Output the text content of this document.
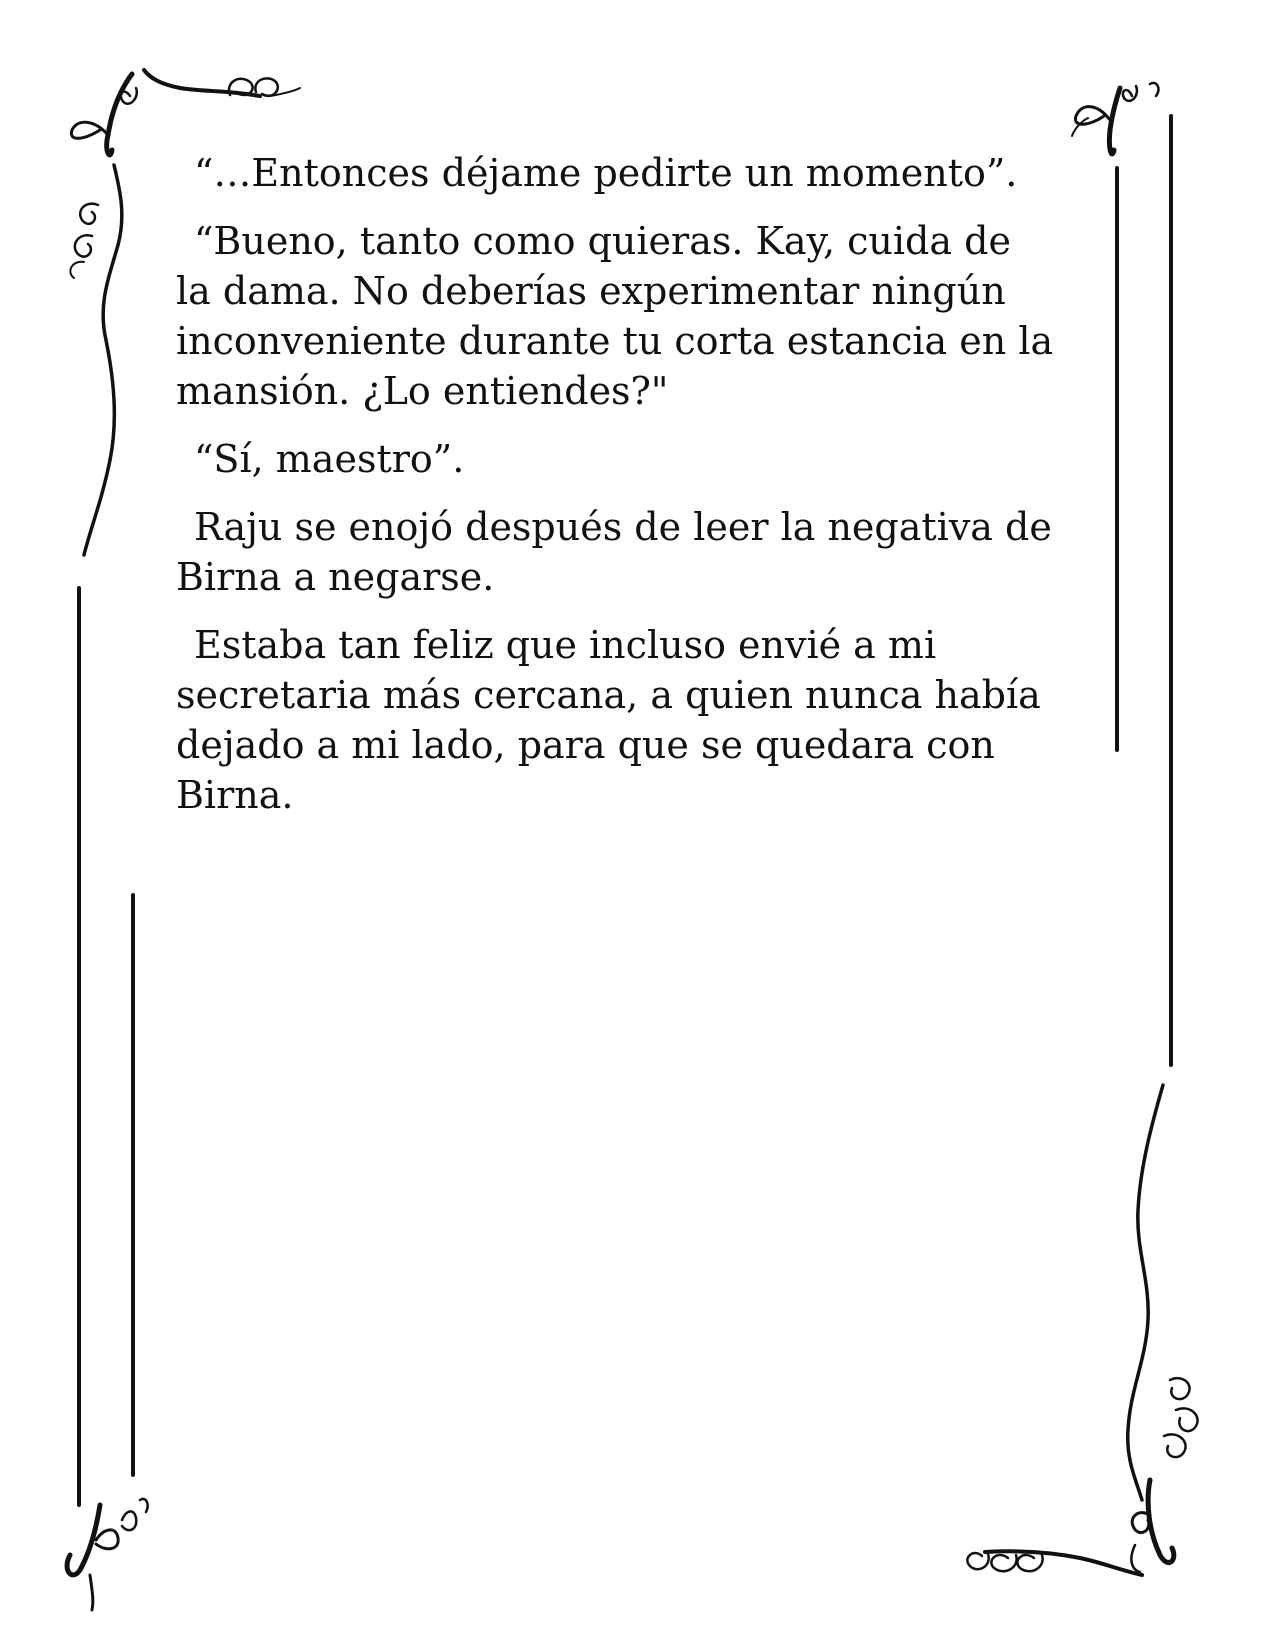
“…Entonces déjame pedirte un momento”.

“Bueno, tanto como quieras. Kay, cuida de la dama. No deberías experimentar ningún inconveniente durante tu corta estancia en la mansión. ¿Lo entiendes?"

“Sí, maestro”.

Raju se enojó después de leer la negativa de Birna a negarse.

Estaba tan feliz que incluso envié a mi secretaria más cercana, a quien nunca había dejado a mi lado, para que se quedara con Birna.
